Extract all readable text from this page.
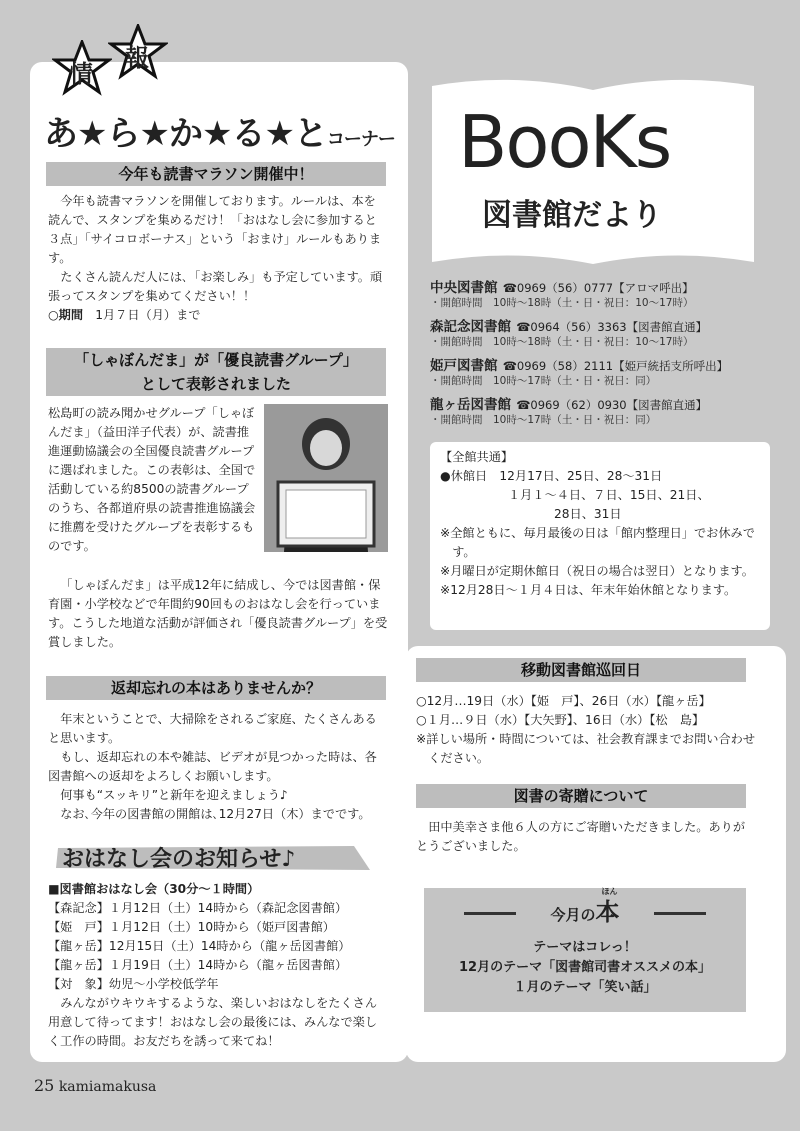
情
報
あ★ら★か★る★とコーナー
今年も読書マラソン開催中！

今年も読書マラソンを開催しております。ルールは、本を読んで、スタンプを集めるだけ！「おはなし会に参加すると３点」「サイコロボーナス」という「おまけ」ルールもあります。

たくさん読んだ人には､「お楽しみ」も予定しています。頑張ってスタンプを集めてください！！

○期間　 1月７日（月）まで

「しゃぼんだま」が「優良読書グループ」
として表彰されました
松島町の読み聞かせグループ「しゃぼんだま」（益田洋子代表）が、読書推進運動協議会の全国優良読書グループに選ばれました。この表彰は、全国で活動している約8500の読書グループのうち、各都道府県の読書推進協議会に推薦を受けたグループを表彰するものです。
「しゃぼんだま」は平成12年に結成し、今では図書館・保育園・小学校などで年間約90回ものおはなし会を行っています。こうした地道な活動が評価され「優良読書グループ」を受賞しました。
返却忘れの本はありませんか？

年末ということで、大掃除をされるご家庭、たくさんあると思います。

もし、返却忘れの本や雑誌、ビデオが見つかった時は、各図書館への返却をよろしくお願いします。

何事も“スッキリ”と新年を迎えましょう♪

なお､今年の図書館の開館は､12月27日（木）までです。

おはなし会のお知らせ♪

■図書館おはなし会（30分～１時間）

【森記念】１月12日（土）14時から（森記念図書館）

【姫　戸】１月12日（土）10時から（姫戸図書館）

【龍ヶ岳】12月15日（土）14時から（龍ヶ岳図書館）

【龍ヶ岳】１月19日（土）14時から（龍ヶ岳図書館）

【対　象】幼児～小学校低学年

みんながウキウキするような、楽しいおはなしをたくさん用意して待ってます！おはなし会の最後には、みんなで楽しく工作の時間。お友だちを誘って来てね！

BooKs
図書館だより
中央図書館 ☎0969（56）0777【アロマ呼出】
・開館時間　10時～18時（土・日・祝日：10～17時）
森記念図書館 ☎0964（56）3363【図書館直通】
・開館時間　10時～18時（土・日・祝日：10～17時）
姫戸図書館 ☎0969（58）2111【姫戸統括支所呼出】
・開館時間　10時～17時（土・日・祝日：同）
龍ヶ岳図書館 ☎0969（62）0930【図書館直通】
・開館時間　10時～17時（土・日・祝日：同）

【全館共通】

●休館日　 12月17日、25日、28～31日

１月１～４日、７日、15日、21日、

28日、31日

※全館ともに、毎月最後の日は「館内整理日」でお休みです。

※月曜日が定期休館日（祝日の場合は翌日）となります。

※12月28日～１月４日は、年末年始休館となります。

移動図書館巡回日

○12月…19日（水）【姫　戸】、26日（水）【龍ヶ岳】

○１月…９日（水）【大矢野】、16日（水）【松　島】

※詳しい場所・時間については、社会教育課までお問い合わせください。

図書の寄贈について
田中美幸さま他６人の方にご寄贈いただきました。ありがとうございました。
今月の
ほん
本

テーマはコレっ！

12月のテーマ「図書館司書オススメの本」

１月のテーマ「笑い話」

25 kamiamakusa
